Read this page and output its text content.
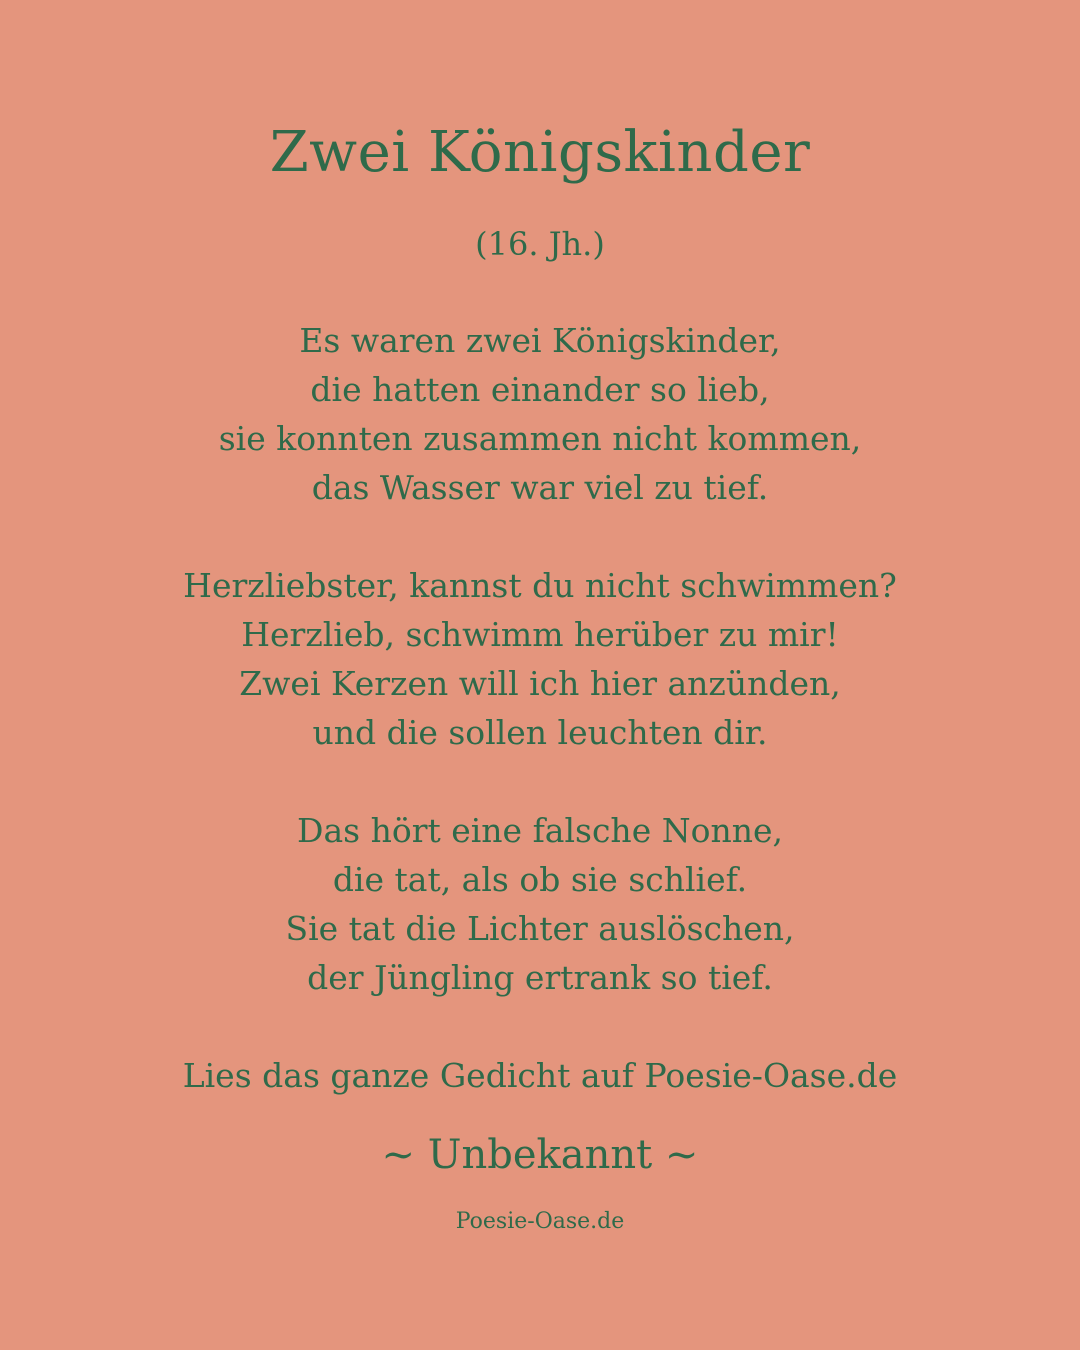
Zwei Königskinder
(16. Jh.)
Es waren zwei Königskinder,
die hatten einander so lieb,
sie konnten zusammen nicht kommen,
das Wasser war viel zu tief.
Herzliebster, kannst du nicht schwimmen?
Herzlieb, schwimm herüber zu mir!
Zwei Kerzen will ich hier anzünden,
und die sollen leuchten dir.
Das hört eine falsche Nonne,
die tat, als ob sie schlief.
Sie tat die Lichter auslöschen,
der Jüngling ertrank so tief.
Lies das ganze Gedicht auf Poesie-Oase.de
~ Unbekannt ~
Poesie-Oase.de
